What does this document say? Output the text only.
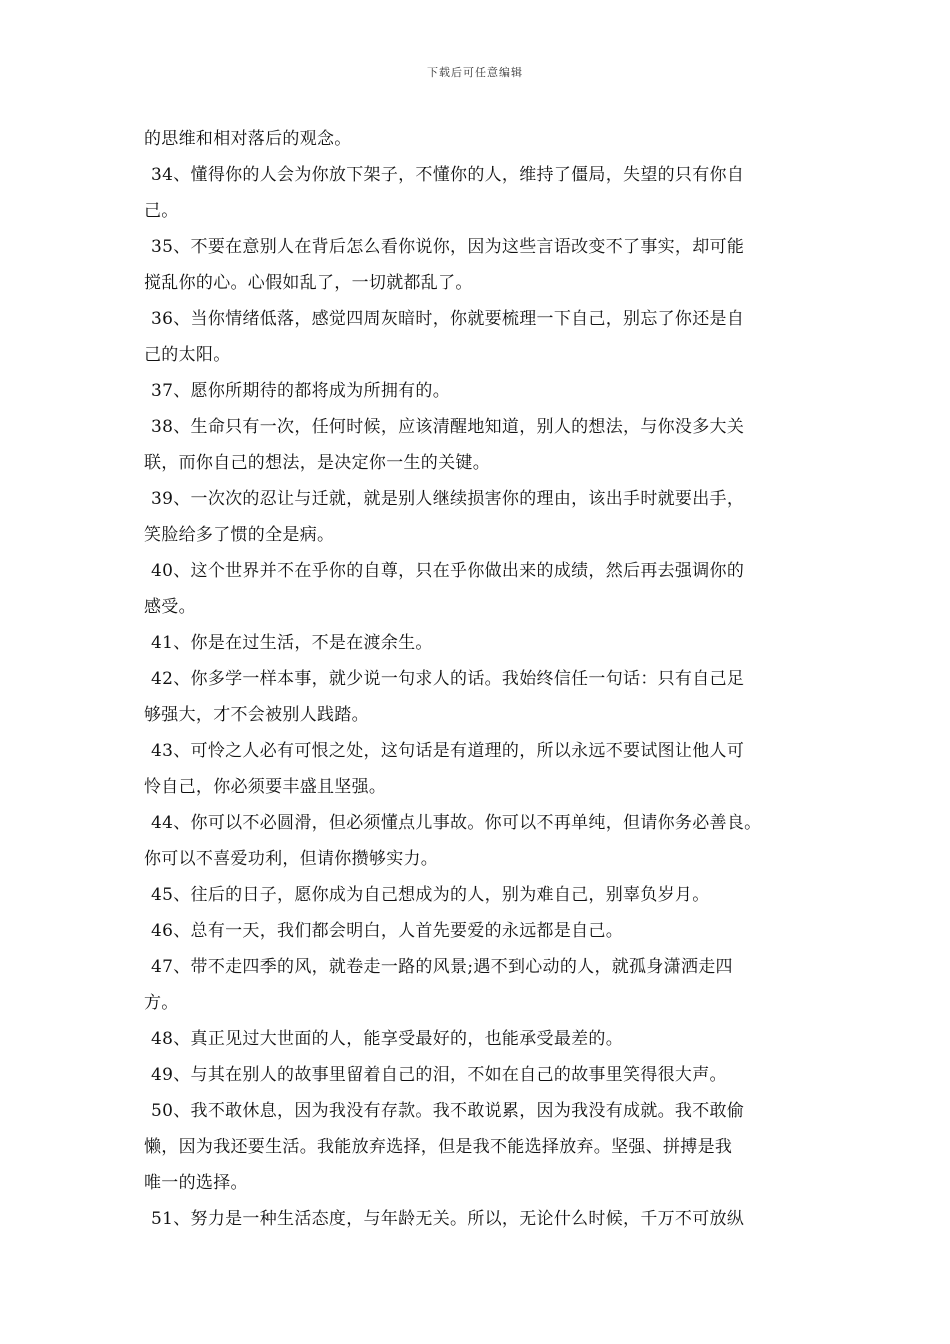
下载后可任意编辑
的思维和相对落后的观念。
34、懂得你的人会为你放下架子，不懂你的人，维持了僵局，失望的只有你自
己。
35、不要在意别人在背后怎么看你说你，因为这些言语改变不了事实，却可能
搅乱你的心。心假如乱了，一切就都乱了。
36、当你情绪低落，感觉四周灰暗时，你就要梳理一下自己，别忘了你还是自
己的太阳。
37、愿你所期待的都将成为所拥有的。
38、生命只有一次，任何时候，应该清醒地知道，别人的想法，与你没多大关
联，而你自己的想法，是决定你一生的关键。
39、一次次的忍让与迁就，就是别人继续损害你的理由，该出手时就要出手，
笑脸给多了惯的全是病。
40、这个世界并不在乎你的自尊，只在乎你做出来的成绩，然后再去强调你的
感受。
41、你是在过生活，不是在渡余生。
42、你多学一样本事，就少说一句求人的话。我始终信任一句话：只有自己足
够强大，才不会被别人践踏。
43、可怜之人必有可恨之处，这句话是有道理的，所以永远不要试图让他人可
怜自己，你必须要丰盛且坚强。
44、你可以不必圆滑，但必须懂点儿事故。你可以不再单纯，但请你务必善良。
你可以不喜爱功利，但请你攒够实力。
45、往后的日子，愿你成为自己想成为的人，别为难自己，别辜负岁月。
46、总有一天，我们都会明白，人首先要爱的永远都是自己。
47、带不走四季的风，就卷走一路的风景;遇不到心动的人，就孤身潇洒走四
方。
48、真正见过大世面的人，能享受最好的，也能承受最差的。
49、与其在别人的故事里留着自己的泪，不如在自己的故事里笑得很大声。
50、我不敢休息，因为我没有存款。我不敢说累，因为我没有成就。我不敢偷
懒，因为我还要生活。我能放弃选择，但是我不能选择放弃。坚强、拼搏是我
唯一的选择。
51、努力是一种生活态度，与年龄无关。所以，无论什么时候，千万不可放纵
